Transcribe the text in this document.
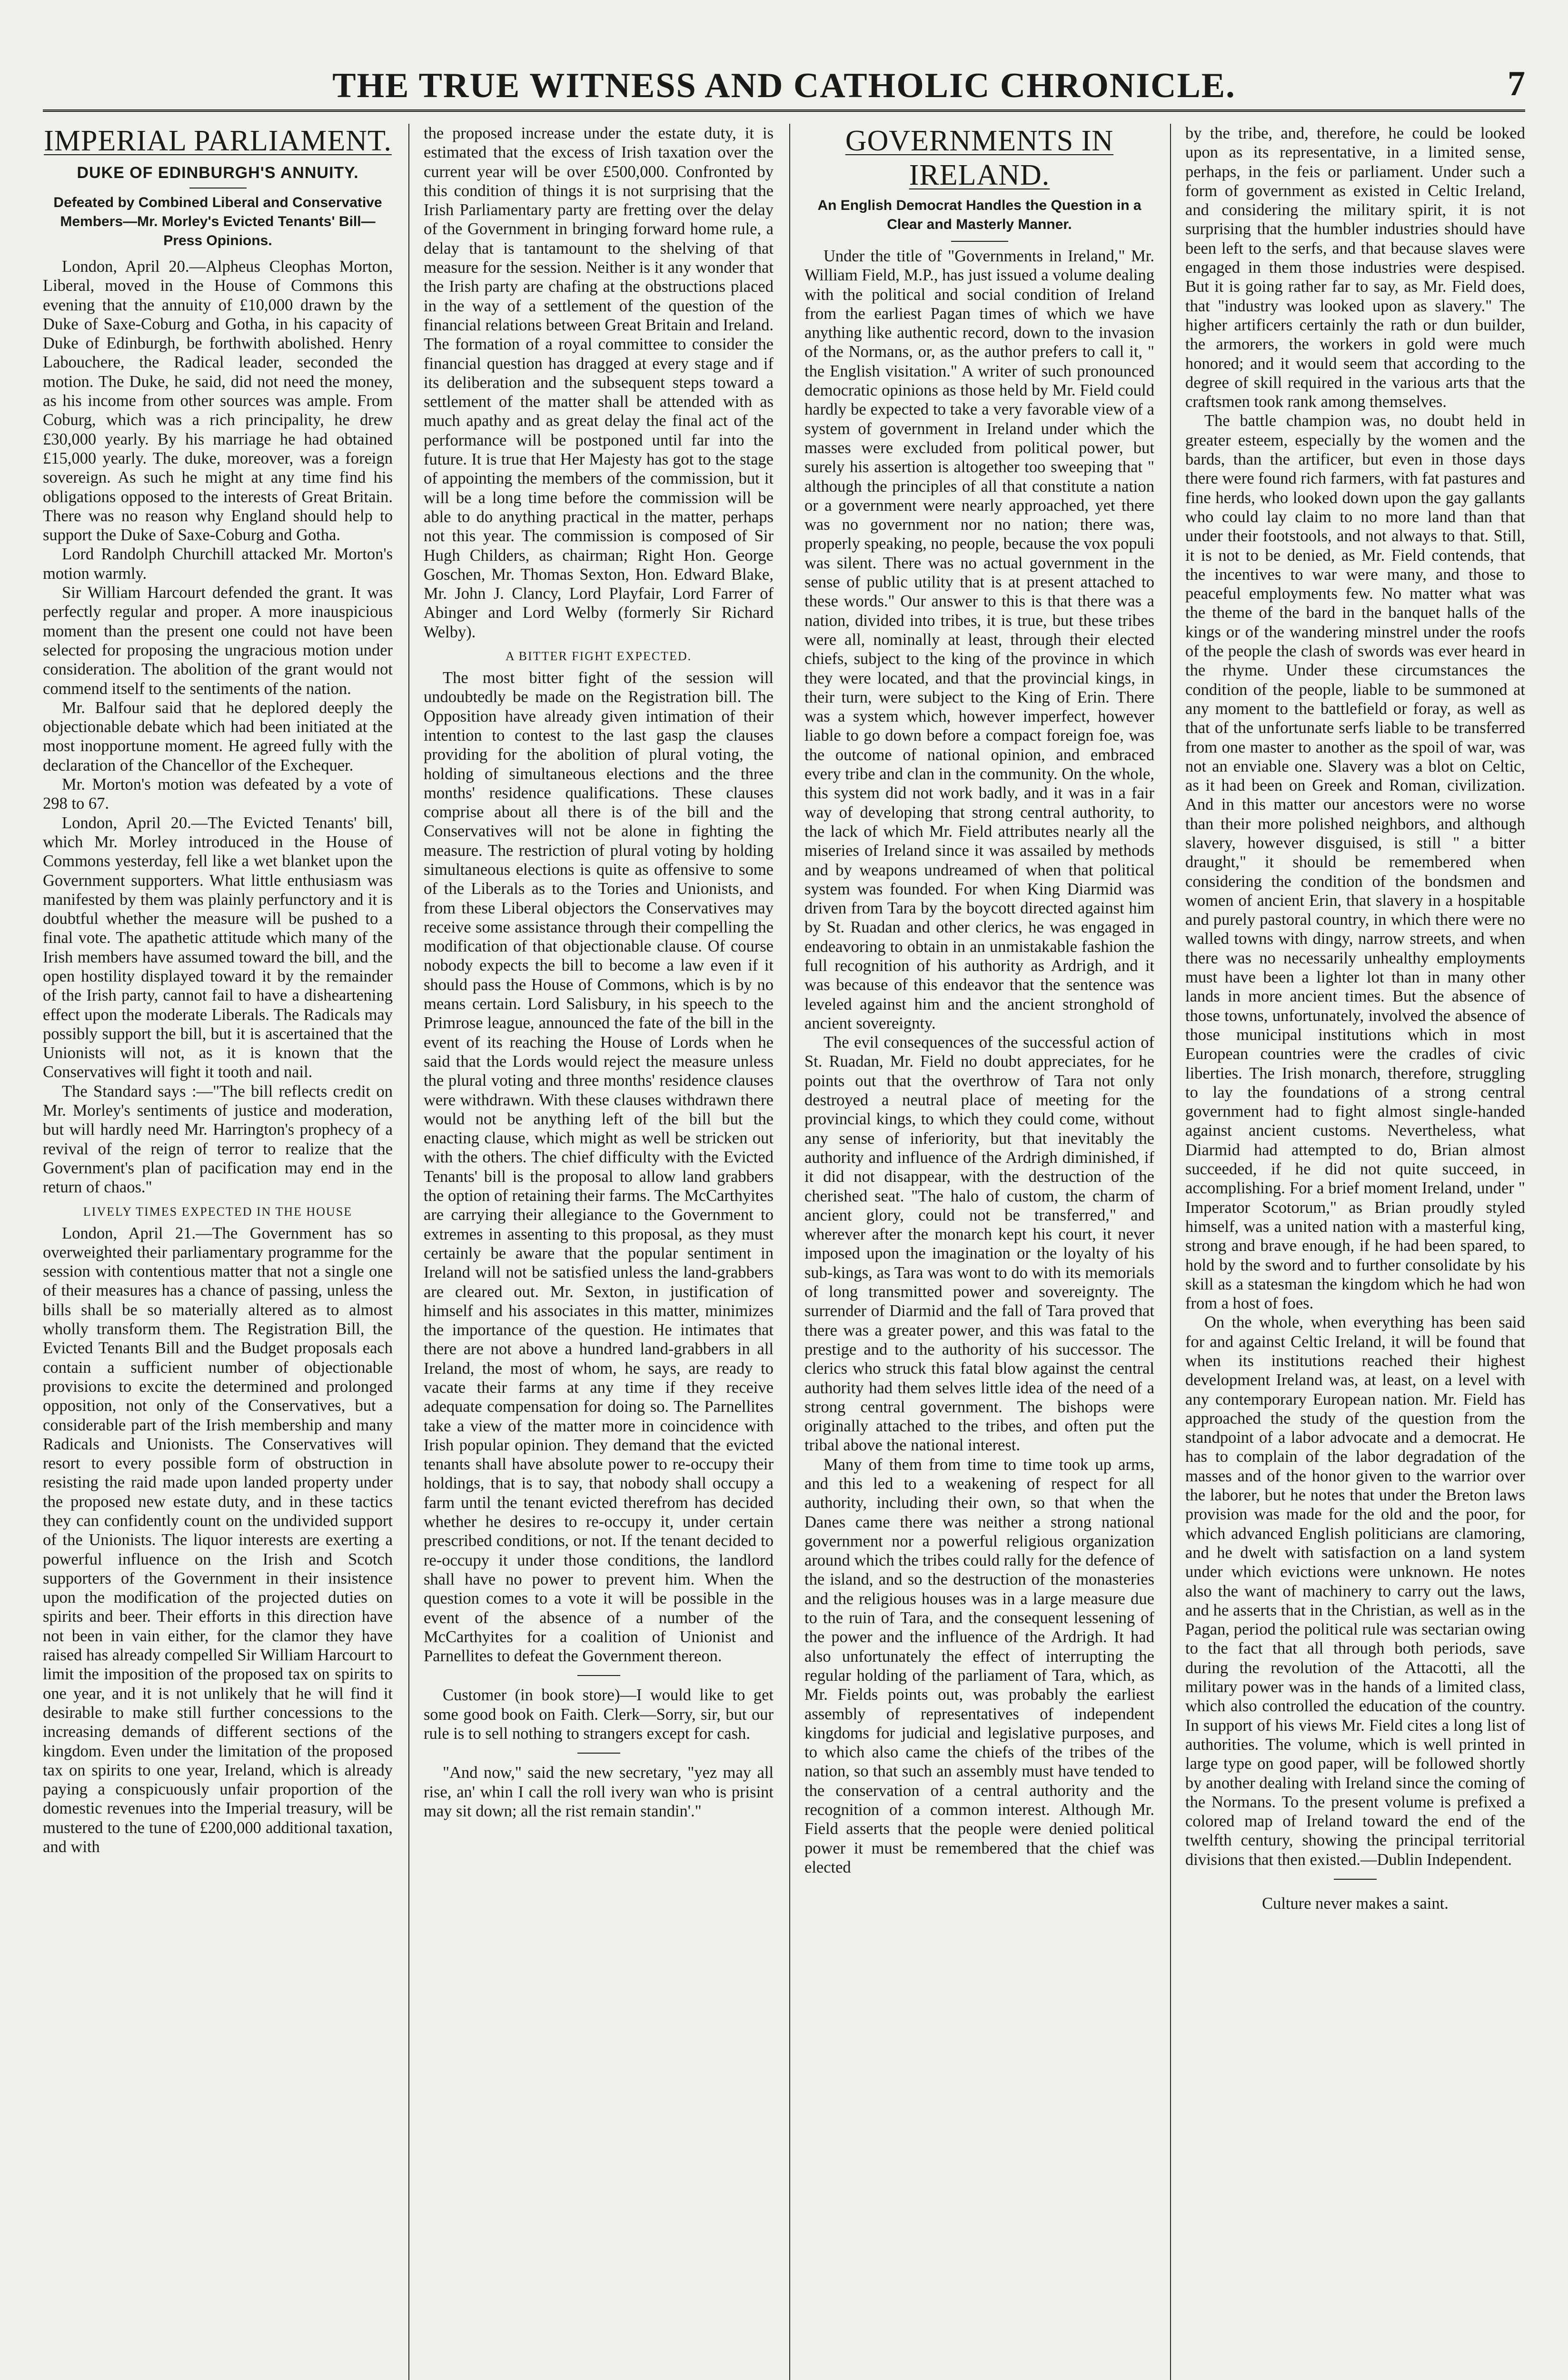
THE TRUE WITNESS AND CATHOLIC CHRONICLE.	7
IMPERIAL PARLIAMENT.
DUKE OF EDINBURGH'S ANNUITY.
Defeated by Combined Liberal and Conservative Members—Mr. Morley's Evicted Tenants' Bill—Press Opinions.

London, April 20.—Alpheus Cleophas Morton, Liberal, moved in the House of Commons this evening that the annuity of £10,000 drawn by the Duke of Saxe-Coburg and Gotha, in his capacity of Duke of Edinburgh, be forthwith abolished. Henry Labouchere, the Radical leader, seconded the motion. The Duke, he said, did not need the money, as his income from other sources was ample. From Coburg, which was a rich principality, he drew £30,000 yearly. By his marriage he had obtained £15,000 yearly. The duke, moreover, was a foreign sovereign. As such he might at any time find his obligations opposed to the interests of Great Britain. There was no reason why England should help to support the Duke of Saxe-Coburg and Gotha.

Lord Randolph Churchill attacked Mr. Morton's motion warmly.

Sir William Harcourt defended the grant. It was perfectly regular and proper. A more inauspicious moment than the present one could not have been selected for proposing the ungracious motion under consideration. The abolition of the grant would not commend itself to the sentiments of the nation.

Mr. Balfour said that he deplored deeply the objectionable debate which had been initiated at the most inopportune moment. He agreed fully with the declaration of the Chancellor of the Exchequer.

Mr. Morton's motion was defeated by a vote of 298 to 67.

London, April 20.—The Evicted Tenants' bill, which Mr. Morley introduced in the House of Commons yesterday, fell like a wet blanket upon the Government supporters. What little enthusiasm was manifested by them was plainly perfunctory and it is doubtful whether the measure will be pushed to a final vote. The apathetic attitude which many of the Irish members have assumed toward the bill, and the open hostility displayed toward it by the remainder of the Irish party, cannot fail to have a disheartening effect upon the moderate Liberals. The Radicals may possibly support the bill, but it is ascertained that the Unionists will not, as it is known that the Conservatives will fight it tooth and nail.

The Standard says :—"The bill reflects credit on Mr. Morley's sentiments of justice and moderation, but will hardly need Mr. Harrington's prophecy of a revival of the reign of terror to realize that the Government's plan of pacification may end in the return of chaos."

LIVELY TIMES EXPECTED IN THE HOUSE

London, April 21.—The Government has so overweighted their parliamentary programme for the session with contentious matter that not a single one of their measures has a chance of passing, unless the bills shall be so materially altered as to almost wholly transform them. The Registration Bill, the Evicted Tenants Bill and the Budget proposals each contain a sufficient number of objectionable provisions to excite the determined and prolonged opposition, not only of the Conservatives, but a considerable part of the Irish membership and many Radicals and Unionists. The Conservatives will resort to every possible form of obstruction in resisting the raid made upon landed property under the proposed new estate duty, and in these tactics they can confidently count on the undivided support of the Unionists. The liquor interests are exerting a powerful influence on the Irish and Scotch supporters of the Government in their insistence upon the modification of the projected duties on spirits and beer. Their efforts in this direction have not been in vain either, for the clamor they have raised has already compelled Sir William Harcourt to limit the imposition of the proposed tax on spirits to one year, and it is not unlikely that he will find it desirable to make still further concessions to the increasing demands of different sections of the kingdom. Even under the limitation of the proposed tax on spirits to one year, Ireland, which is already paying a conspicuously unfair proportion of the domestic revenues into the Imperial treasury, will be mustered to the tune of £200,000 additional taxation, and with

the proposed increase under the estate duty, it is estimated that the excess of Irish taxation over the current year will be over £500,000. Confronted by this condition of things it is not surprising that the Irish Parliamentary party are fretting over the delay of the Government in bringing forward home rule, a delay that is tantamount to the shelving of that measure for the session. Neither is it any wonder that the Irish party are chafing at the obstructions placed in the way of a settlement of the question of the financial relations between Great Britain and Ireland. The formation of a royal committee to consider the financial question has dragged at every stage and if its deliberation and the subsequent steps toward a settlement of the matter shall be attended with as much apathy and as great delay the final act of the performance will be postponed until far into the future. It is true that Her Majesty has got to the stage of appointing the members of the commission, but it will be a long time before the commission will be able to do anything practical in the matter, perhaps not this year. The commission is composed of Sir Hugh Childers, as chairman; Right Hon. George Goschen, Mr. Thomas Sexton, Hon. Edward Blake, Mr. John J. Clancy, Lord Playfair, Lord Farrer of Abinger and Lord Welby (formerly Sir Richard Welby).

A BITTER FIGHT EXPECTED.

The most bitter fight of the session will undoubtedly be made on the Registration bill. The Opposition have already given intimation of their intention to contest to the last gasp the clauses providing for the abolition of plural voting, the holding of simultaneous elections and the three months' residence qualifications. These clauses comprise about all there is of the bill and the Conservatives will not be alone in fighting the measure. The restriction of plural voting by holding simultaneous elections is quite as offensive to some of the Liberals as to the Tories and Unionists, and from these Liberal objectors the Conservatives may receive some assistance through their compelling the modification of that objectionable clause. Of course nobody expects the bill to become a law even if it should pass the House of Commons, which is by no means certain. Lord Salisbury, in his speech to the Primrose league, announced the fate of the bill in the event of its reaching the House of Lords when he said that the Lords would reject the measure unless the plural voting and three months' residence clauses were withdrawn. With these clauses withdrawn there would not be anything left of the bill but the enacting clause, which might as well be stricken out with the others. The chief difficulty with the Evicted Tenants' bill is the proposal to allow land grabbers the option of retaining their farms. The McCarthyites are carrying their allegiance to the Government to extremes in assenting to this proposal, as they must certainly be aware that the popular sentiment in Ireland will not be satisfied unless the land-grabbers are cleared out. Mr. Sexton, in justification of himself and his associates in this matter, minimizes the importance of the question. He intimates that there are not above a hundred land-grabbers in all Ireland, the most of whom, he says, are ready to vacate their farms at any time if they receive adequate compensation for doing so. The Parnellites take a view of the matter more in coincidence with Irish popular opinion. They demand that the evicted tenants shall have absolute power to re-occupy their holdings, that is to say, that nobody shall occupy a farm until the tenant evicted therefrom has decided whether he desires to re-occupy it, under certain prescribed conditions, or not. If the tenant decided to re-occupy it under those conditions, the landlord shall have no power to prevent him. When the question comes to a vote it will be possible in the event of the absence of a number of the McCarthyites for a coalition of Unionist and Parnellites to defeat the Government thereon.

Customer (in book store)—I would like to get some good book on Faith. Clerk—Sorry, sir, but our rule is to sell nothing to strangers except for cash.

"And now," said the new secretary, "yez may all rise, an' whin I call the roll ivery wan who is prisint may sit down; all the rist remain standin'."

GOVERNMENTS IN IRELAND.
An English Democrat Handles the Question in a Clear and Masterly Manner.

Under the title of "Governments in Ireland," Mr. William Field, M.P., has just issued a volume dealing with the political and social condition of Ireland from the earliest Pagan times of which we have anything like authentic record, down to the invasion of the Normans, or, as the author prefers to call it, " the English visitation." A writer of such pronounced democratic opinions as those held by Mr. Field could hardly be expected to take a very favorable view of a system of government in Ireland under which the masses were excluded from political power, but surely his assertion is altogether too sweeping that " although the principles of all that constitute a nation or a government were nearly approached, yet there was no government nor no nation; there was, properly speaking, no people, because the vox populi was silent. There was no actual government in the sense of public utility that is at present attached to these words." Our answer to this is that there was a nation, divided into tribes, it is true, but these tribes were all, nominally at least, through their elected chiefs, subject to the king of the province in which they were located, and that the provincial kings, in their turn, were subject to the King of Erin. There was a system which, however imperfect, however liable to go down before a compact foreign foe, was the outcome of national opinion, and embraced every tribe and clan in the community. On the whole, this system did not work badly, and it was in a fair way of developing that strong central authority, to the lack of which Mr. Field attributes nearly all the miseries of Ireland since it was assailed by methods and by weapons undreamed of when that political system was founded. For when King Diarmid was driven from Tara by the boycott directed against him by St. Ruadan and other clerics, he was engaged in endeavoring to obtain in an unmistakable fashion the full recognition of his authority as Ardrigh, and it was because of this endeavor that the sentence was leveled against him and the ancient stronghold of ancient sovereignty.

The evil consequences of the successful action of St. Ruadan, Mr. Field no doubt appreciates, for he points out that the overthrow of Tara not only destroyed a neutral place of meeting for the provincial kings, to which they could come, without any sense of inferiority, but that inevitably the authority and influence of the Ardrigh diminished, if it did not disappear, with the destruction of the cherished seat. "The halo of custom, the charm of ancient glory, could not be transferred," and wherever after the monarch kept his court, it never imposed upon the imagination or the loyalty of his sub-kings, as Tara was wont to do with its memorials of long transmitted power and sovereignty. The surrender of Diarmid and the fall of Tara proved that there was a greater power, and this was fatal to the prestige and to the authority of his successor. The clerics who struck this fatal blow against the central authority had them selves little idea of the need of a strong central government. The bishops were originally attached to the tribes, and often put the tribal above the national interest.

Many of them from time to time took up arms, and this led to a weakening of respect for all authority, including their own, so that when the Danes came there was neither a strong national government nor a powerful religious organization around which the tribes could rally for the defence of the island, and so the destruction of the monasteries and the religious houses was in a large measure due to the ruin of Tara, and the consequent lessening of the power and the influence of the Ardrigh. It had also unfortunately the effect of interrupting the regular holding of the parliament of Tara, which, as Mr. Fields points out, was probably the earliest assembly of representatives of independent kingdoms for judicial and legislative purposes, and to which also came the chiefs of the tribes of the nation, so that such an assembly must have tended to the conservation of a central authority and the recognition of a common interest. Although Mr. Field asserts that the people were denied political power it must be remembered that the chief was elected

by the tribe, and, therefore, he could be looked upon as its representative, in a limited sense, perhaps, in the feis or parliament. Under such a form of government as existed in Celtic Ireland, and considering the military spirit, it is not surprising that the humbler industries should have been left to the serfs, and that because slaves were engaged in them those industries were despised. But it is going rather far to say, as Mr. Field does, that "industry was looked upon as slavery." The higher artificers certainly the rath or dun builder, the armorers, the workers in gold were much honored; and it would seem that according to the degree of skill required in the various arts that the craftsmen took rank among themselves.

The battle champion was, no doubt held in greater esteem, especially by the women and the bards, than the artificer, but even in those days there were found rich farmers, with fat pastures and fine herds, who looked down upon the gay gallants who could lay claim to no more land than that under their footstools, and not always to that. Still, it is not to be denied, as Mr. Field contends, that the incentives to war were many, and those to peaceful employments few. No matter what was the theme of the bard in the banquet halls of the kings or of the wandering minstrel under the roofs of the people the clash of swords was ever heard in the rhyme. Under these circumstances the condition of the people, liable to be summoned at any moment to the battlefield or foray, as well as that of the unfortunate serfs liable to be transferred from one master to another as the spoil of war, was not an enviable one. Slavery was a blot on Celtic, as it had been on Greek and Roman, civilization. And in this matter our ancestors were no worse than their more polished neighbors, and although slavery, however disguised, is still " a bitter draught," it should be remembered when considering the condition of the bondsmen and women of ancient Erin, that slavery in a hospitable and purely pastoral country, in which there were no walled towns with dingy, narrow streets, and when there was no necessarily unhealthy employments must have been a lighter lot than in many other lands in more ancient times. But the absence of those towns, unfortunately, involved the absence of those municipal institutions which in most European countries were the cradles of civic liberties. The Irish monarch, therefore, struggling to lay the foundations of a strong central government had to fight almost single-handed against ancient customs. Nevertheless, what Diarmid had attempted to do, Brian almost succeeded, if he did not quite succeed, in accomplishing. For a brief moment Ireland, under " Imperator Scotorum," as Brian proudly styled himself, was a united nation with a masterful king, strong and brave enough, if he had been spared, to hold by the sword and to further consolidate by his skill as a statesman the kingdom which he had won from a host of foes.

On the whole, when everything has been said for and against Celtic Ireland, it will be found that when its institutions reached their highest development Ireland was, at least, on a level with any contemporary European nation. Mr. Field has approached the study of the question from the standpoint of a labor advocate and a democrat. He has to complain of the labor degradation of the masses and of the honor given to the warrior over the laborer, but he notes that under the Breton laws provision was made for the old and the poor, for which advanced English politicians are clamoring, and he dwelt with satisfaction on a land system under which evictions were unknown. He notes also the want of machinery to carry out the laws, and he asserts that in the Christian, as well as in the Pagan, period the political rule was sectarian owing to the fact that all through both periods, save during the revolution of the Attacotti, all the military power was in the hands of a limited class, which also controlled the education of the country. In support of his views Mr. Field cites a long list of authorities. The volume, which is well printed in large type on good paper, will be followed shortly by another dealing with Ireland since the coming of the Normans. To the present volume is prefixed a colored map of Ireland toward the end of the twelfth century, showing the principal territorial divisions that then existed.—Dublin Independent.

Culture never makes a saint.
